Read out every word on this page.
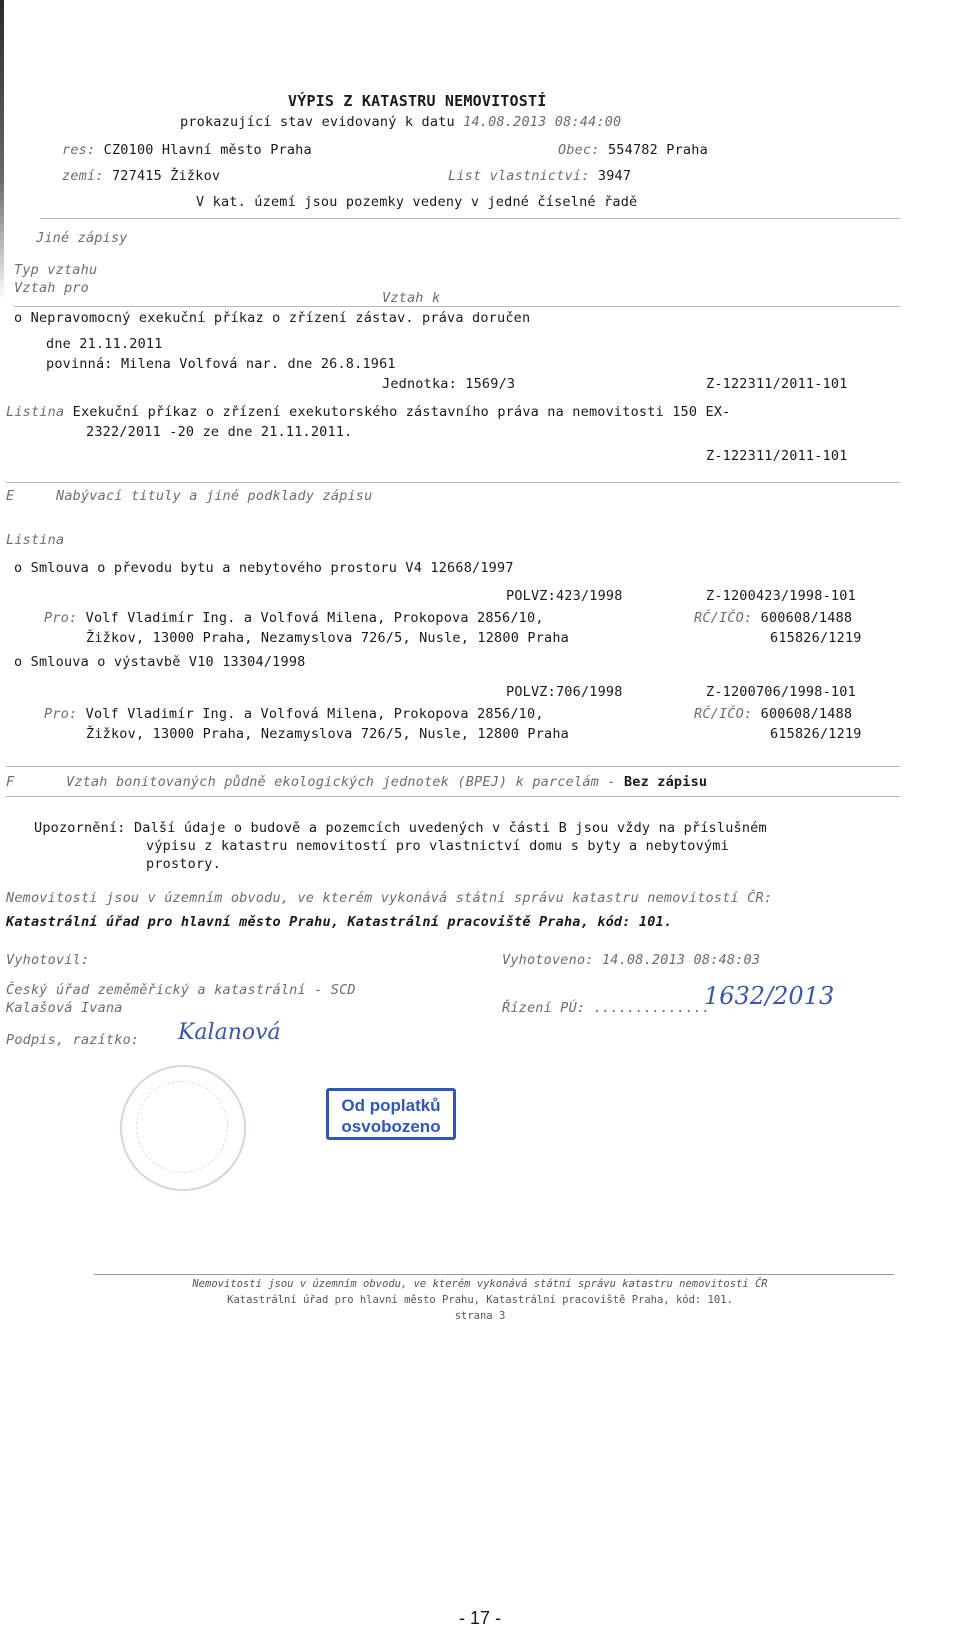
VÝPIS Z KATASTRU NEMOVITOSTÍ
prokazující stav evidovaný k datu 14.08.2013 08:44:00
res: CZ0100 Hlavní město Praha	Obec: 554782 Praha
zemí: 727415 Žižkov	List vlastnictví: 3947
V kat. území jsou pozemky vedeny v jedné číselné řadě
Jiné zápisy
Typ vztahu
Vztah pro
Vztah k
o Nepravomocný exekuční příkaz o zřízení zástav. práva doručen
dne 21.11.2011
povinná: Milena Volfová nar. dne 26.8.1961
Jednotka: 1569/3	Z-122311/2011-101
Listina Exekuční příkaz o zřízení exekutorského zástavního práva na nemovitosti 150 EX-
2322/2011 -20 ze dne 21.11.2011.
Z-122311/2011-101
E	Nabývací tituly a jiné podklady zápisu
Listina
o Smlouva o převodu bytu a nebytového prostoru V4 12668/1997
POLVZ:423/1998	Z-1200423/1998-101
Pro: Volf Vladimír Ing. a Volfová Milena, Prokopova 2856/10,	RČ/IČO: 600608/1488
Žižkov, 13000 Praha, Nezamyslova 726/5, Nusle, 12800 Praha	615826/1219
o Smlouva o výstavbě V10 13304/1998
POLVZ:706/1998	Z-1200706/1998-101
Pro: Volf Vladimír Ing. a Volfová Milena, Prokopova 2856/10,	RČ/IČO: 600608/1488
Žižkov, 13000 Praha, Nezamyslova 726/5, Nusle, 12800 Praha	615826/1219
F	Vztah bonitovaných půdně ekologických jednotek (BPEJ) k parcelám - Bez zápisu
Upozornění: Další údaje o budově a pozemcích uvedených v části B jsou vždy na příslušném
výpisu z katastru nemovitostí pro vlastnictví domu s byty a nebytovými
prostory.
Nemovitosti jsou v územním obvodu, ve kterém vykonává státní správu katastru nemovitostí ČR:
Katastrální úřad pro hlavní město Prahu, Katastrální pracoviště Praha, kód: 101.
Vyhotovil:	Vyhotoveno: 14.08.2013 08:48:03
Český úřad zeměměřický a katastrální - SCD
Kalašová Ivana	Řízení PÚ: ..............
1632/2013
Podpis, razítko: Kalanová
Od poplatků
osvobozeno
Nemovitosti jsou v územním obvodu, ve kterém vykonává státní správu katastru nemovitostí ČR
Katastrální úřad pro hlavní město Prahu, Katastrální pracoviště Praha, kód: 101.
strana 3
- 17 -
